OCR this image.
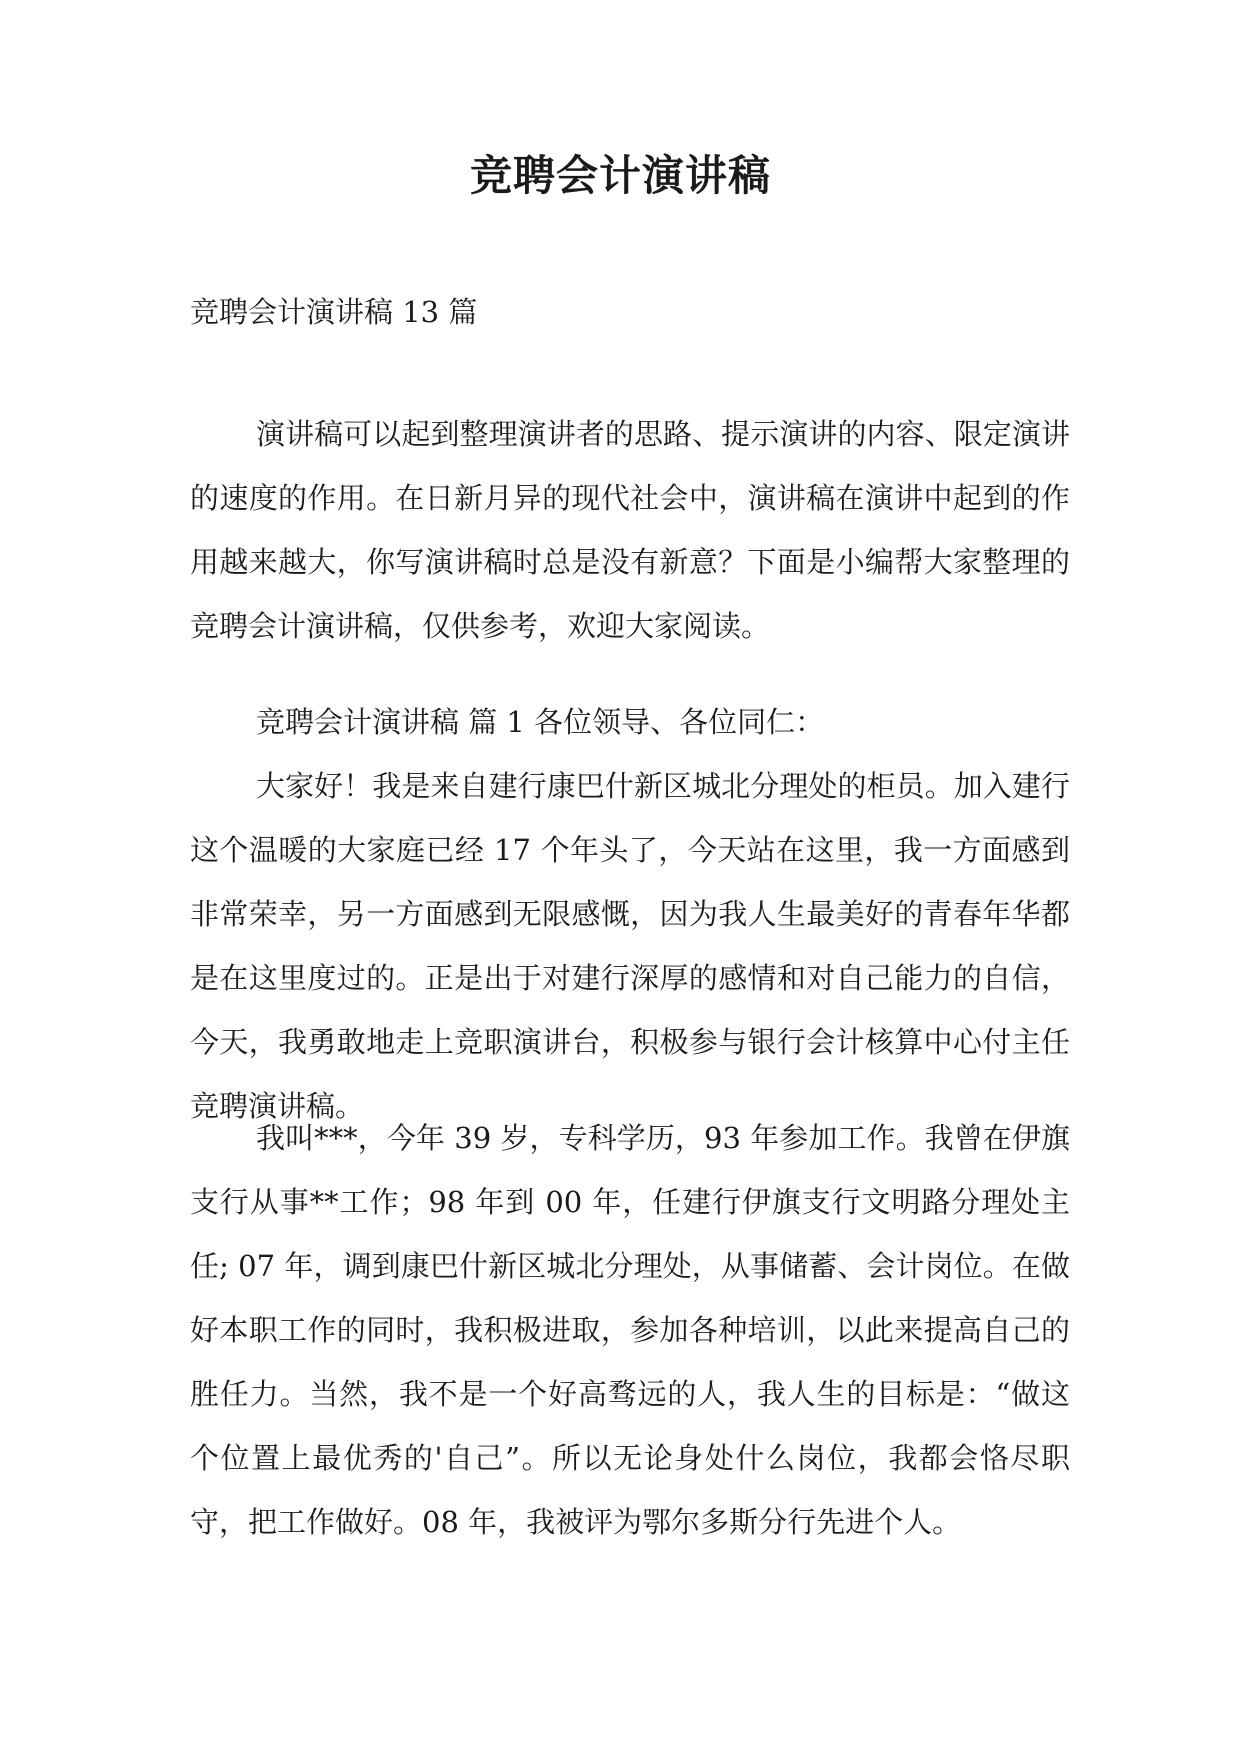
竞聘会计演讲稿
竞聘会计演讲稿 13 篇

演讲稿可以起到整理演讲者的思路、提示演讲的内容、限定演讲的速度的作用。在日新月异的现代社会中，演讲稿在演讲中起到的作用越来越大，你写演讲稿时总是没有新意？下面是小编帮大家整理的竞聘会计演讲稿，仅供参考，欢迎大家阅读。

竞聘会计演讲稿 篇 1 各位领导、各位同仁：

大家好！我是来自建行康巴什新区城北分理处的柜员。加入建行这个温暖的大家庭已经 17 个年头了，今天站在这里，我一方面感到非常荣幸，另一方面感到无限感慨，因为我人生最美好的青春年华都是在这里度过的。正是出于对建行深厚的感情和对自己能力的自信，今天，我勇敢地走上竞职演讲台，积极参与银行会计核算中心付主任竞聘演讲稿。

我叫***，今年 39 岁，专科学历，93 年参加工作。我曾在伊旗支行从事**工作；98 年到 00 年，任建行伊旗支行文明路分理处主任; 07 年，调到康巴什新区城北分理处，从事储蓄、会计岗位。在做好本职工作的同时，我积极进取，参加各种培训，以此来提高自己的胜任力。当然，我不是一个好高骛远的人，我人生的目标是：“做这个位置上最优秀的'自己”。所以无论身处什么岗位，我都会恪尽职守，把工作做好。08 年，我被评为鄂尔多斯分行先进个人。
